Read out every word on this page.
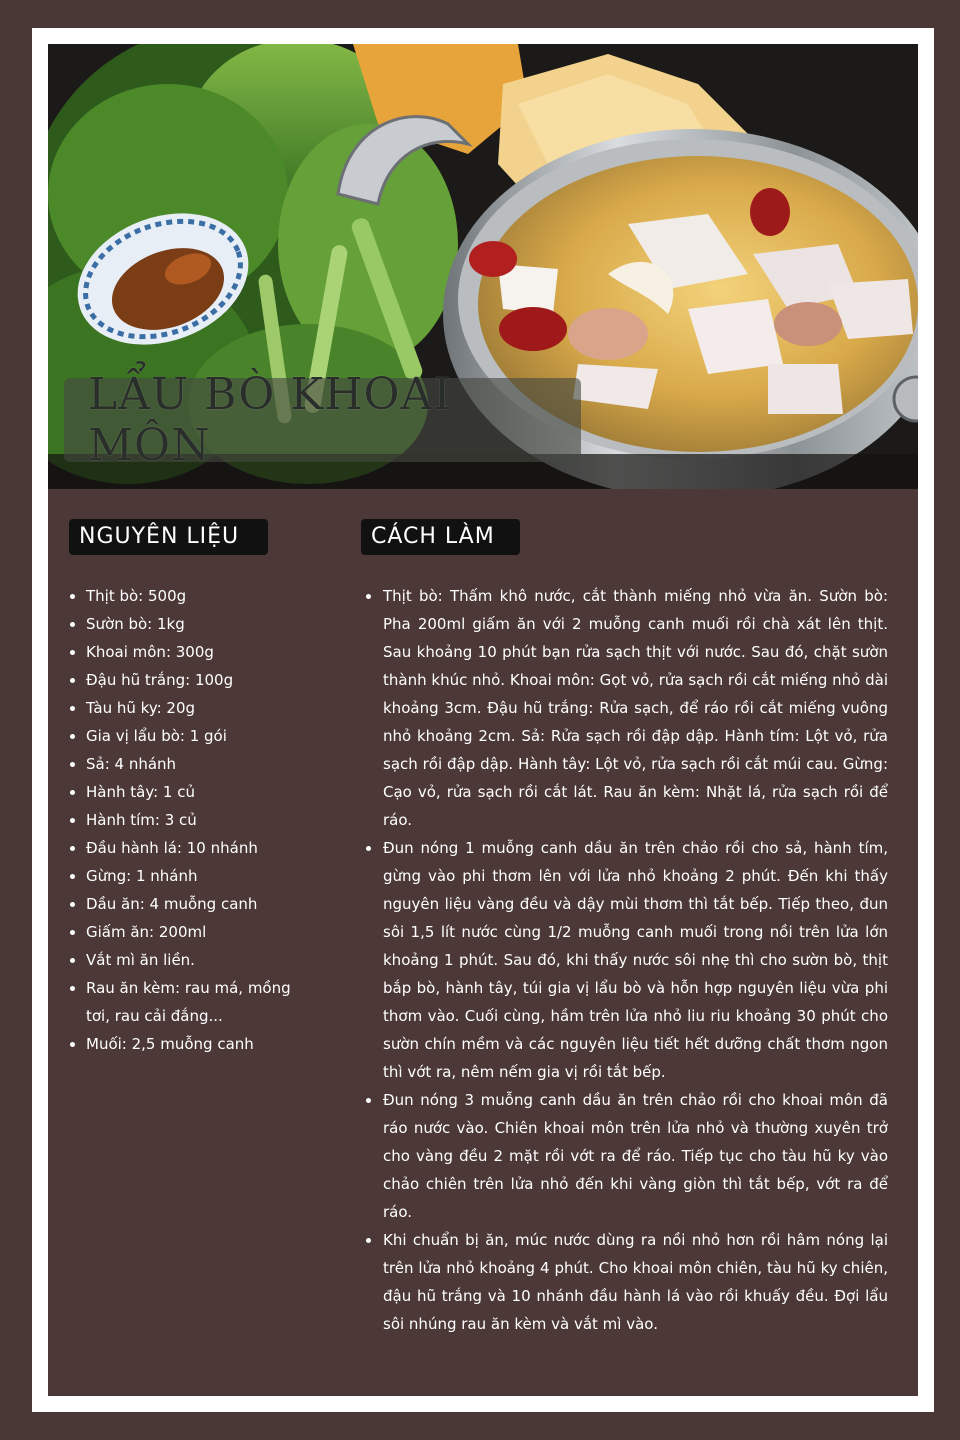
LẨU BÒ KHOAI MÔN
NGUYÊN LIỆU	CÁCH LÀM
Thịt bò: 500g
Sườn bò: 1kg
Khoai môn: 300g
Đậu hũ trắng: 100g
Tàu hũ ky: 20g
Gia vị lẩu bò: 1 gói
Sả: 4 nhánh
Hành tây: 1 củ
Hành tím: 3 củ
Đầu hành lá: 10 nhánh
Gừng: 1 nhánh
Dầu ăn: 4 muỗng canh
Giấm ăn: 200ml
Vắt mì ăn liền.
Rau ăn kèm: rau má, mồng tơi, rau cải đắng...
Muối: 2,5 muỗng canh
Thịt bò: Thấm khô nước, cắt thành miếng nhỏ vừa ăn. Sườn bò: Pha 200ml giấm ăn với 2 muỗng canh muối rồi chà xát lên thịt. Sau khoảng 10 phút bạn rửa sạch thịt với nước. Sau đó, chặt sườn thành khúc nhỏ. Khoai môn: Gọt vỏ, rửa sạch rồi cắt miếng nhỏ dài khoảng 3cm. Đậu hũ trắng: Rửa sạch, để ráo rồi cắt miếng vuông nhỏ khoảng 2cm. Sả: Rửa sạch rồi đập dập. Hành tím: Lột vỏ, rửa sạch rồi đập dập. Hành tây: Lột vỏ, rửa sạch rồi cắt múi cau. Gừng: Cạo vỏ, rửa sạch rồi cắt lát. Rau ăn kèm: Nhặt lá, rửa sạch rồi để ráo.
Đun nóng 1 muỗng canh dầu ăn trên chảo rồi cho sả, hành tím, gừng vào phi thơm lên với lửa nhỏ khoảng 2 phút. Đến khi thấy nguyên liệu vàng đều và dậy mùi thơm thì tắt bếp. Tiếp theo, đun sôi 1,5 lít nước cùng 1/2 muỗng canh muối trong nồi trên lửa lớn khoảng 1 phút. Sau đó, khi thấy nước sôi nhẹ thì cho sườn bò, thịt bắp bò, hành tây, túi gia vị lẩu bò và hỗn hợp nguyên liệu vừa phi thơm vào. Cuối cùng, hầm trên lửa nhỏ liu riu khoảng 30 phút cho sườn chín mềm và các nguyên liệu tiết hết dưỡng chất thơm ngon thì vớt ra, nêm nếm gia vị rồi tắt bếp.
Đun nóng 3 muỗng canh dầu ăn trên chảo rồi cho khoai môn đã ráo nước vào. Chiên khoai môn trên lửa nhỏ và thường xuyên trở cho vàng đều 2 mặt rồi vớt ra để ráo. Tiếp tục cho tàu hũ ky vào chảo chiên trên lửa nhỏ đến khi vàng giòn thì tắt bếp, vớt ra để ráo.
Khi chuẩn bị ăn, múc nước dùng ra nồi nhỏ hơn rồi hâm nóng lại trên lửa nhỏ khoảng 4 phút. Cho khoai môn chiên, tàu hũ ky chiên, đậu hũ trắng và 10 nhánh đầu hành lá vào rồi khuấy đều. Đợi lẩu sôi nhúng rau ăn kèm và vắt mì vào.
